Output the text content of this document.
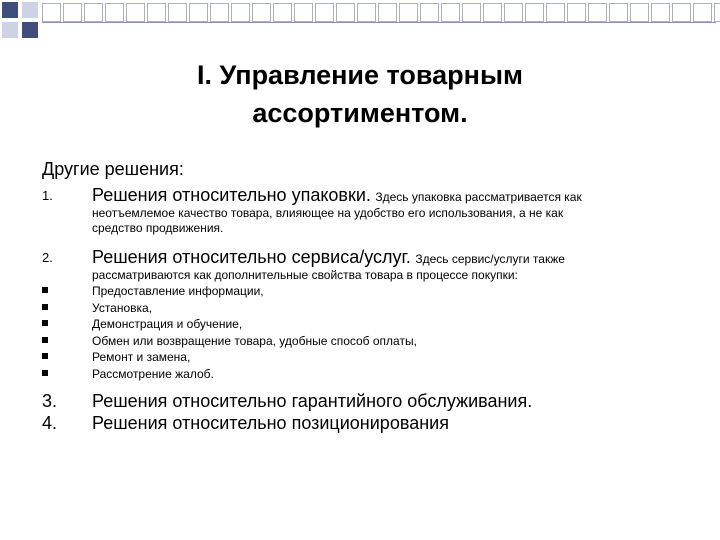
I. Управление товарным
ассортиментом.
Другие решения:
1. Решения относительно упаковки. Здесь упаковка рассматривается как
неотъемлемое качество товара, влияющее на удобство его использования, а не как
средство продвижения.
2. Решения относительно сервиса/услуг. Здесь сервис/услуги также
рассматриваются как дополнительные свойства товара в процессе покупки:
Предоставление информации,
Установка,
Демонстрация и обучение,
Обмен или возвращение товара, удобные способ оплаты,
Ремонт и замена,
Рассмотрение жалоб.
3. Решения относительно гарантийного обслуживания.
4. Решения относительно позиционирования
